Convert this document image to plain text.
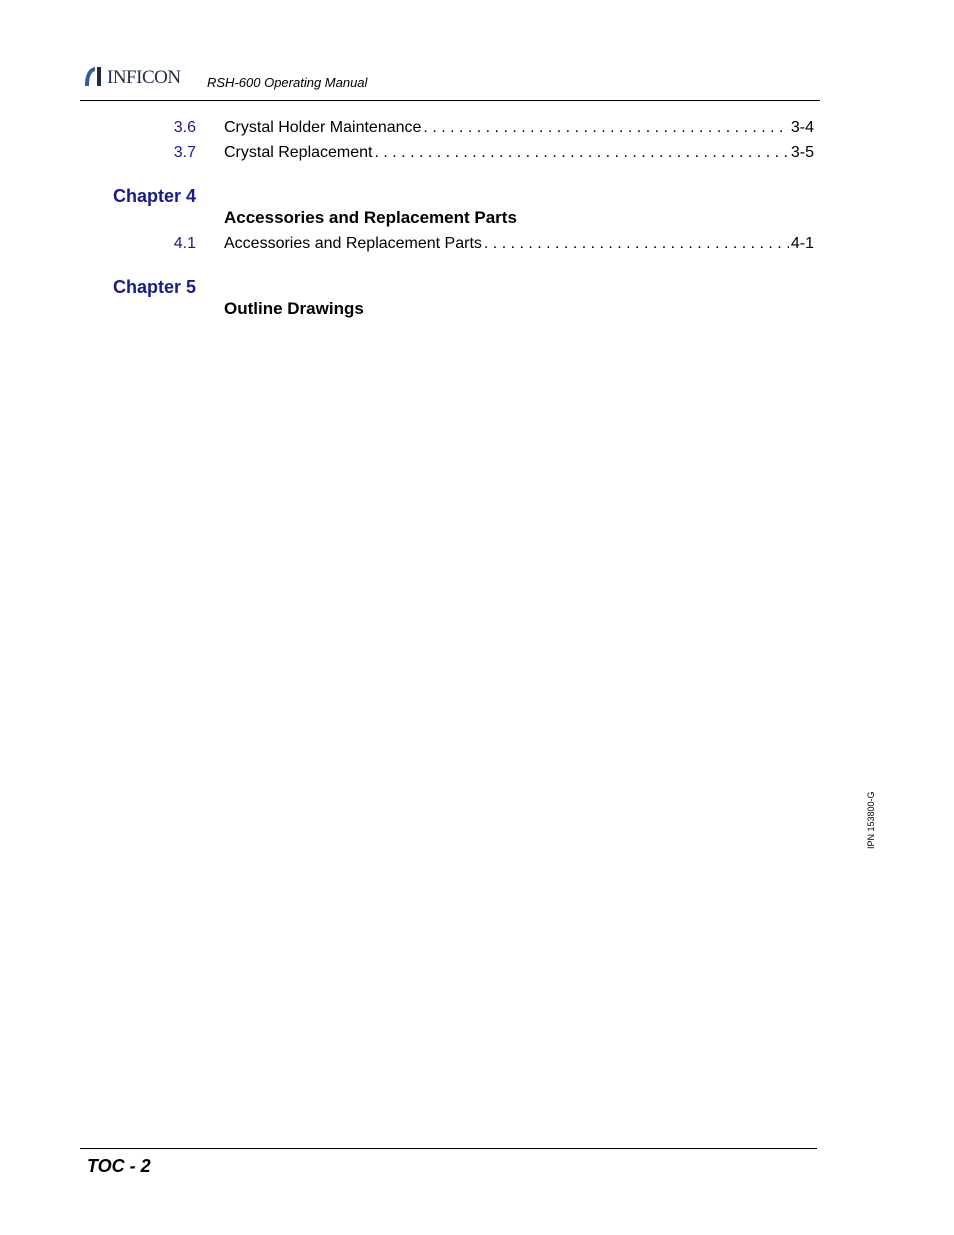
INFICON RSH-600 Operating Manual
3.6 Crystal Holder Maintenance . . .	3-4
3.7 Crystal Replacement . . .	3-5
Chapter 4
Accessories and Replacement Parts
4.1 Accessories and Replacement Parts . . .	4-1
Chapter 5
Outline Drawings
IPN 153800-G
TOC - 2
